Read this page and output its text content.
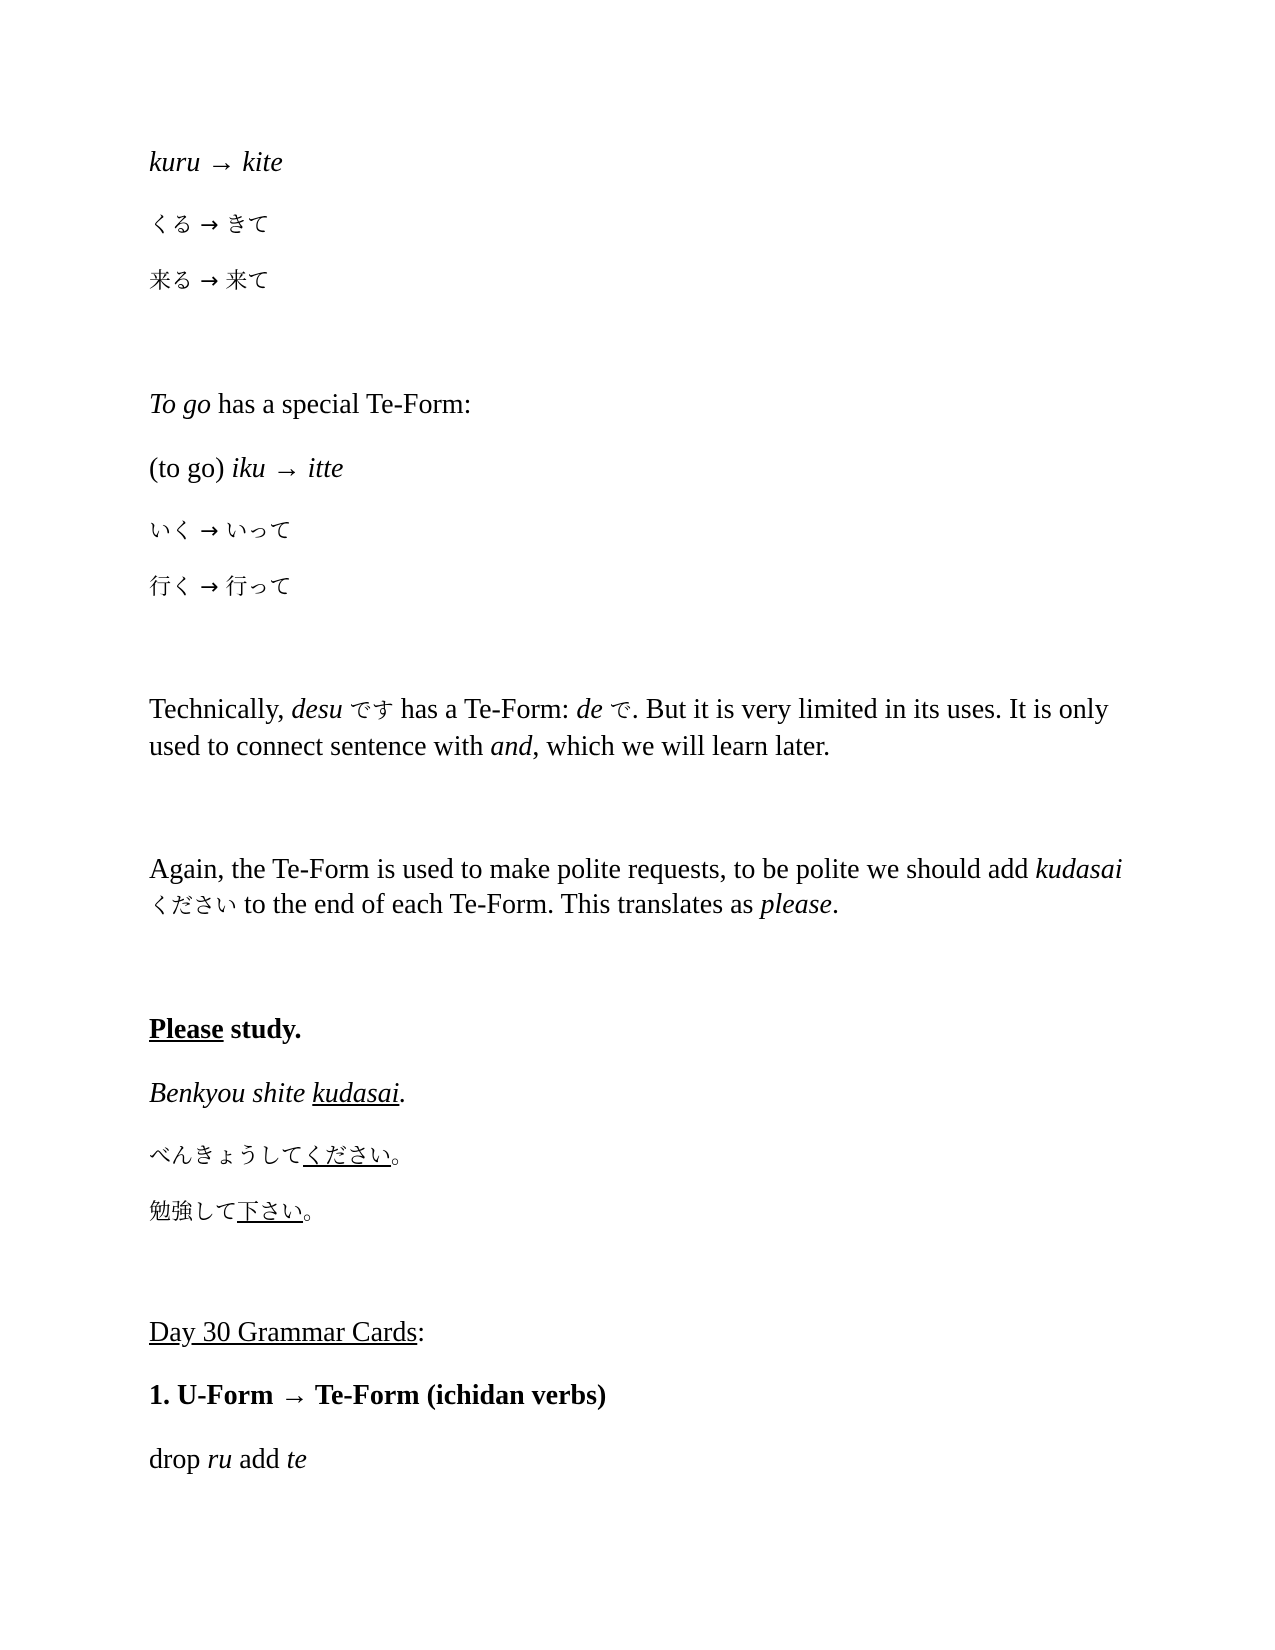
kuru → kite
くる → きて
来る → 来て
To go has a special Te-Form:
(to go) iku → itte
いく → いって
行く → 行って
Technically, desu です has a Te-Form: de で. But it is very limited in its uses. It is only used to connect sentence with and, which we will learn later.
Again, the Te-Form is used to make polite requests, to be polite we should add kudasai ください to the end of each Te-Form. This translates as please.
Please study.
Benkyou shite kudasai.
べんきょうしてください。
勉強して下さい。
Day 30 Grammar Cards:
1. U-Form → Te-Form (ichidan verbs)
drop ru add te
